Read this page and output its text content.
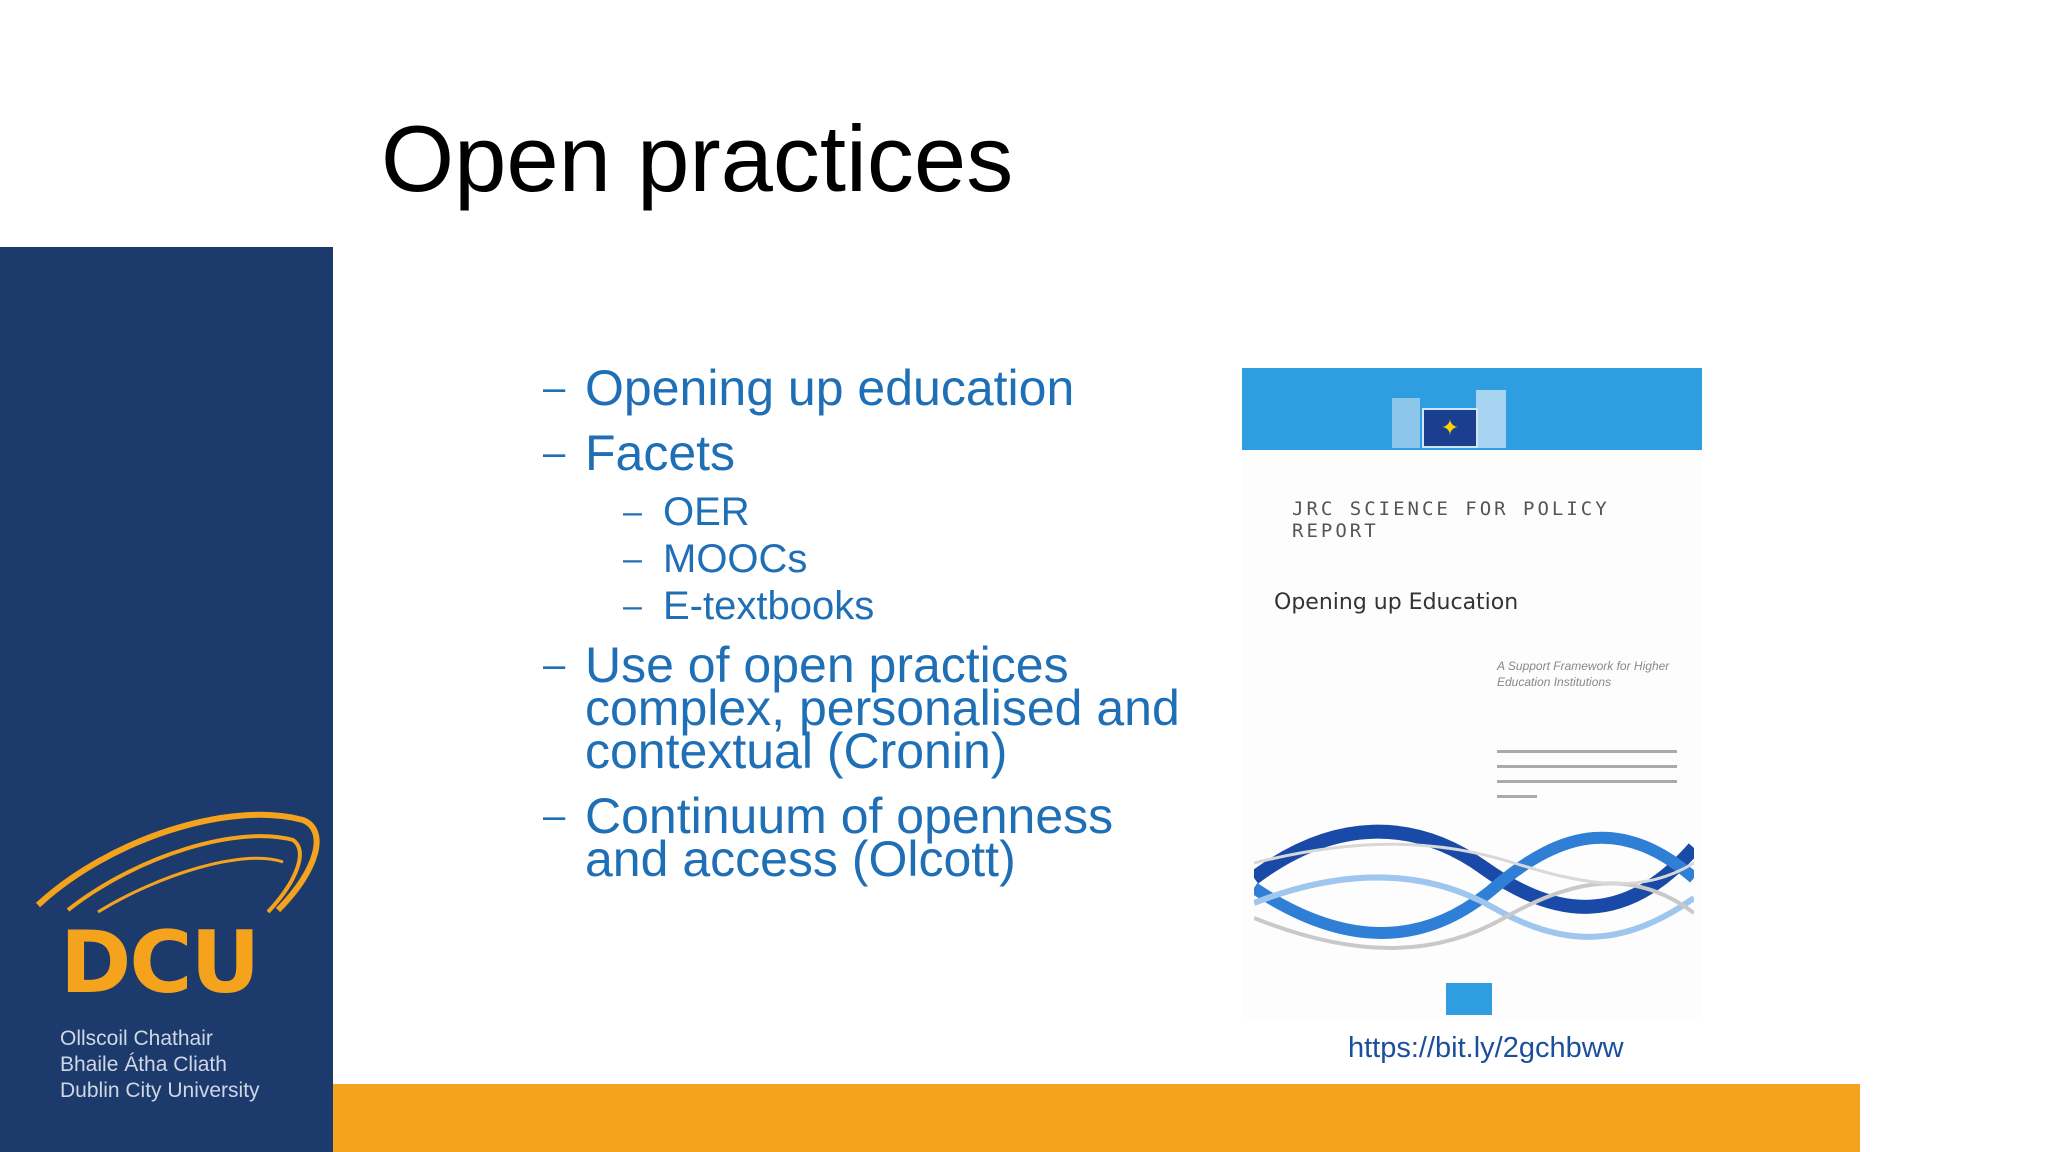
Open practices
– Opening up education
– Facets
– OER
– MOOCs
– E-textbooks
– Use of open practices complex, personalised and contextual (Cronin)
– Continuum of openness and access (Olcott)
✦
JRC SCIENCE FOR POLICY REPORT
Opening up Education
A Support Framework for Higher Education Institutions
https://bit.ly/2gchbww
DCU
Ollscoil Chathair
Bhaile Átha Cliath
Dublin City University
